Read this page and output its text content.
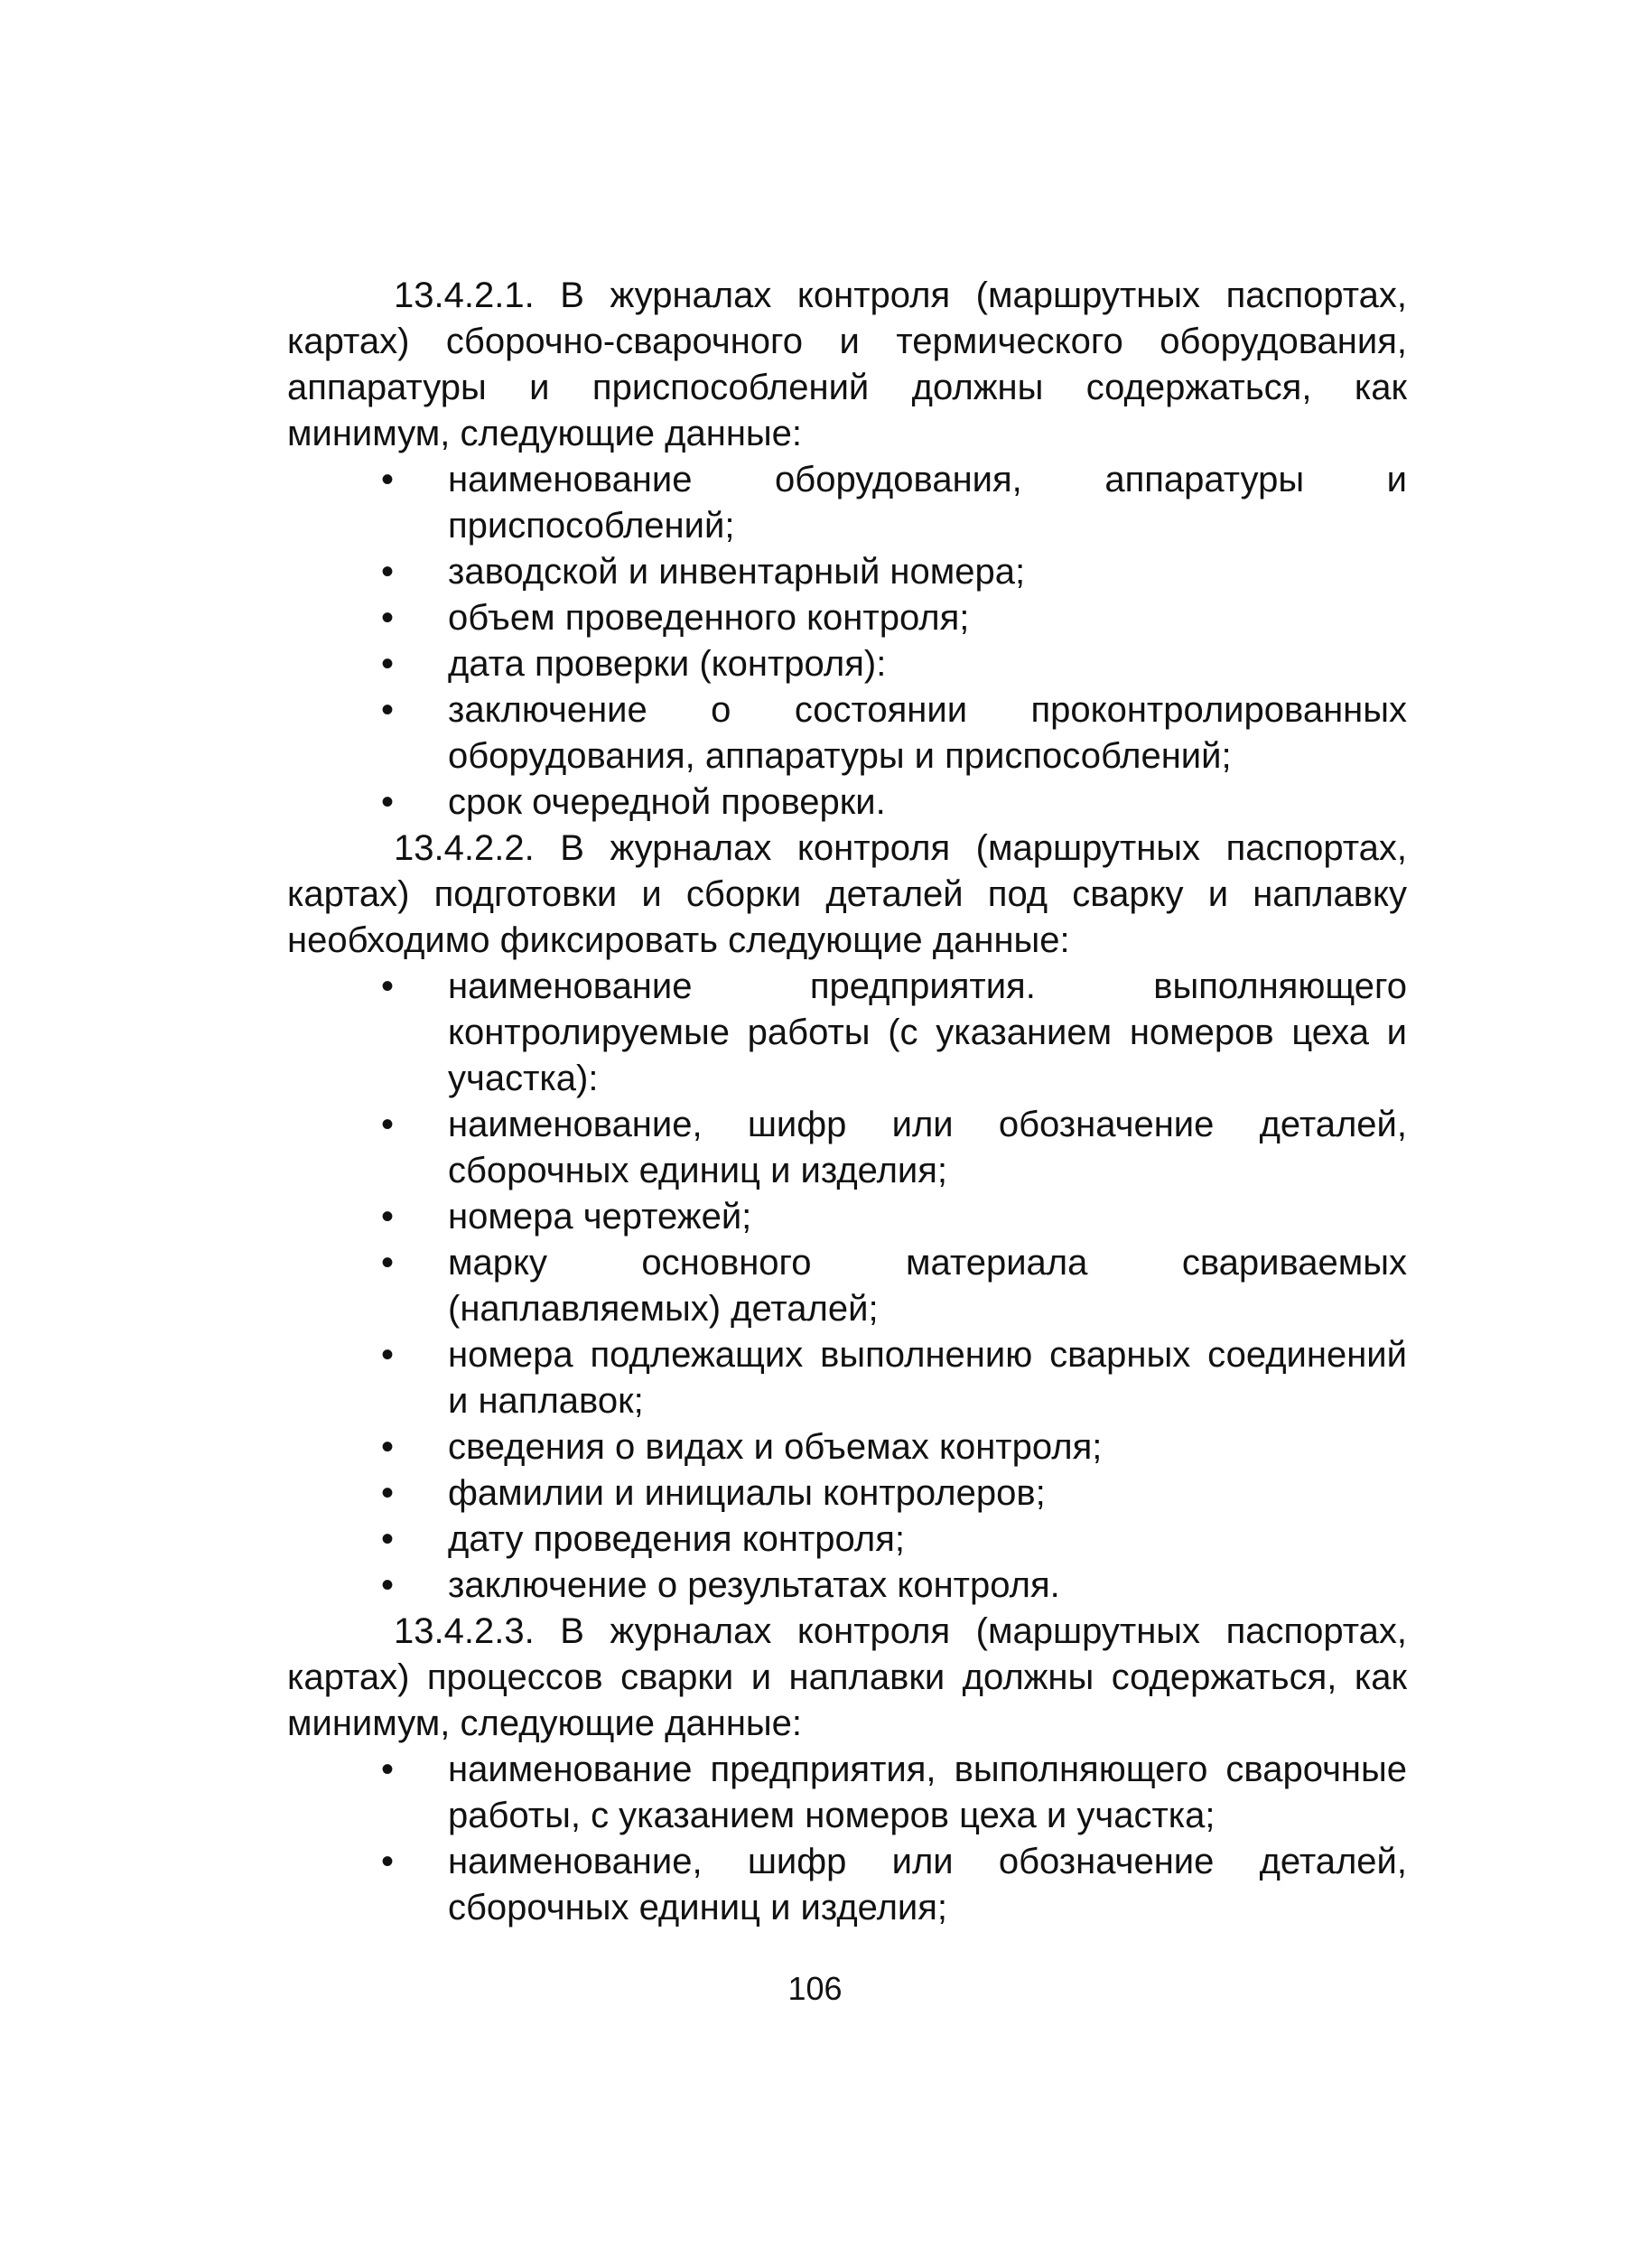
13.4.2.1. В журналах контроля (маршрутных паспортах, картах) сборочно-сварочного и термического оборудования, аппаратуры и приспособлений должны содержаться, как минимум, следующие данные:

•	наименование оборудования, аппаратуры и приспособлений;
•	заводской и инвентарный номера;
•	объем проведенного контроля;
•	дата проверки (контроля):
•	заключение о состоянии проконтролированных оборудования, аппаратуры и приспособлений;
•	срок очередной проверки.

13.4.2.2. В журналах контроля (маршрутных паспортах, картах) подготовки и сборки деталей под сварку и наплавку необходимо фиксировать следующие данные:

•	наименование предприятия. выполняющего контролируемые работы (с указанием номеров цеха и участка):
•	наименование, шифр или обозначение деталей, сборочных единиц и изделия;
•	номера чертежей;
•	марку основного материала свариваемых (наплавляемых) деталей;
•	номера подлежащих выполнению сварных соединений и наплавок;
•	сведения о видах и объемах контроля;
•	фамилии и инициалы контролеров;
•	дату проведения контроля;
•	заключение о результатах контроля.

13.4.2.3. В журналах контроля (маршрутных паспортах, картах) процессов сварки и наплавки должны содержаться, как минимум, следующие данные:

•	наименование предприятия, выполняющего сварочные работы, с указанием номеров цеха и участка;
•	наименование, шифр или обозначение деталей, сборочных единиц и изделия;
106
